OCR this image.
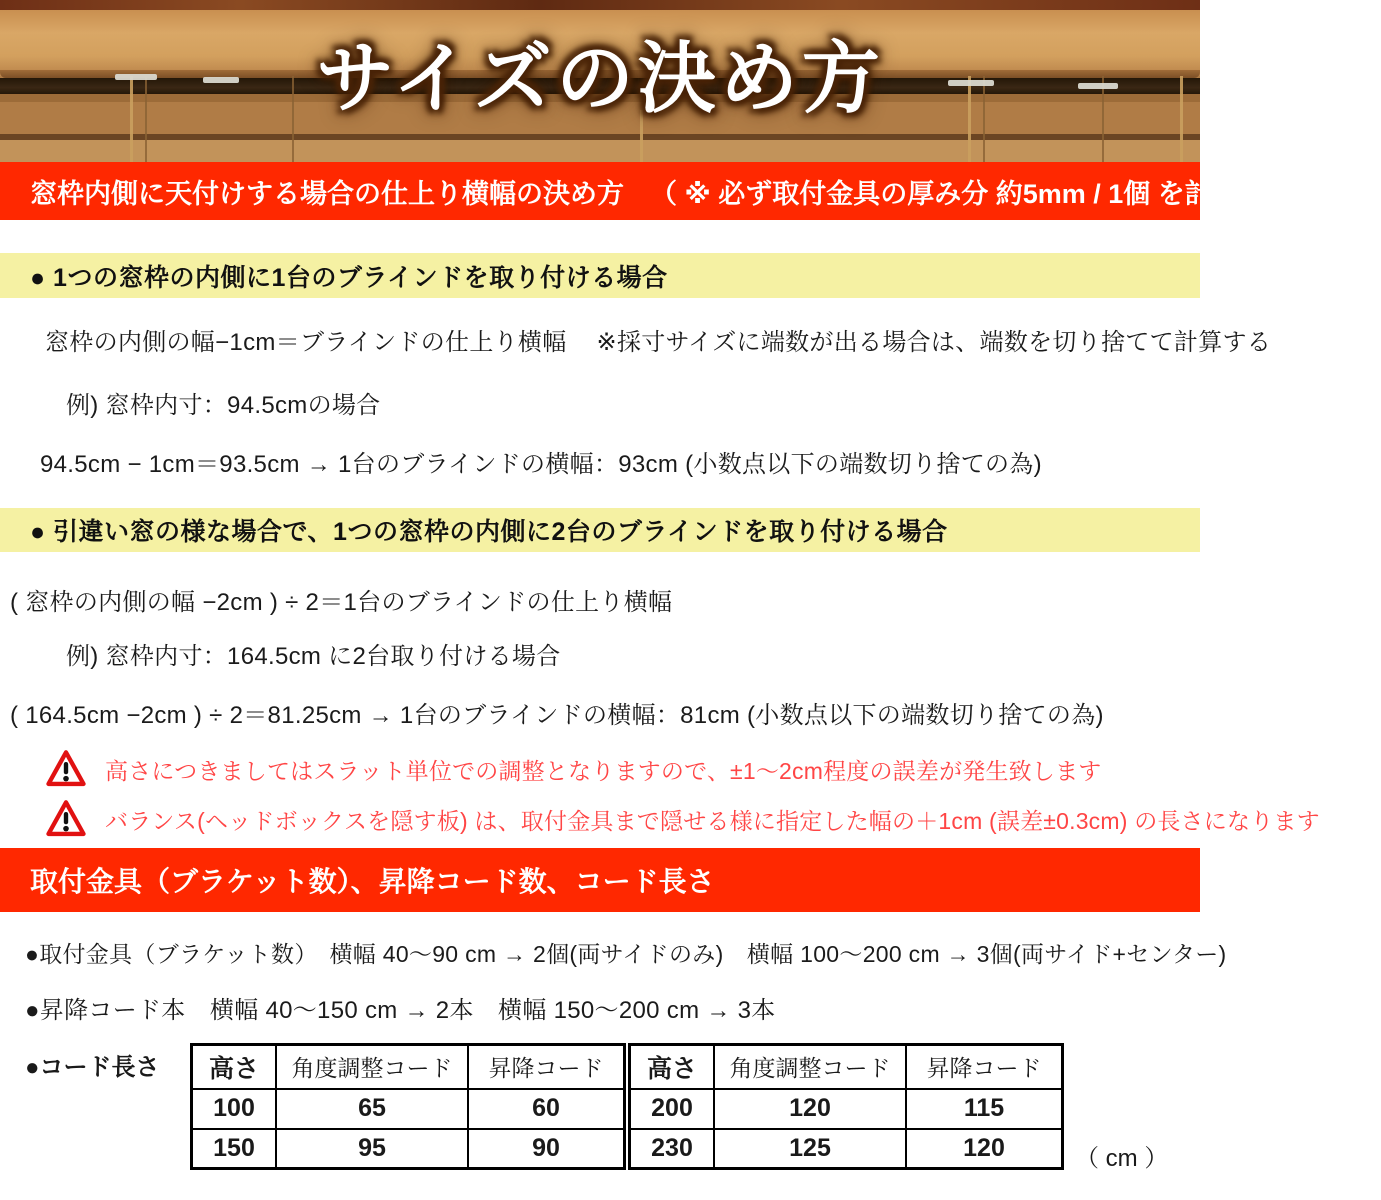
サイズの決め方
窓枠内側に天付けする場合の仕上り横幅の決め方 （ ※ 必ず取付金具の厚み分 約5mm / 1個 を計算に入れる ）
● 1つの窓枠の内側に1台のブラインドを取り付ける場合
窓枠の内側の幅−1cm＝ブラインドの仕上り横幅 ※採寸サイズに端数が出る場合は、端数を切り捨てて計算する
例) 窓枠内寸：94.5cmの場合
94.5cm − 1cm＝93.5cm → 1台のブラインドの横幅：93cm (小数点以下の端数切り捨ての為)
● 引違い窓の様な場合で、1つの窓枠の内側に2台のブラインドを取り付ける場合
( 窓枠の内側の幅 −2cm ) ÷ 2＝1台のブラインドの仕上り横幅
例) 窓枠内寸：164.5cm に2台取り付ける場合
( 164.5cm −2cm ) ÷ 2＝81.25cm → 1台のブラインドの横幅：81cm (小数点以下の端数切り捨ての為)
高さにつきましてはスラット単位での調整となりますので、±1〜2cm程度の誤差が発生致します
バランス(ヘッドボックスを隠す板) は、取付金具まで隠せる様に指定した幅の＋1cm (誤差±0.3cm) の長さになります
取付金具（ブラケット数）、昇降コード数、コード長さ
●取付金具（ブラケット数）　横幅 40〜90 cm → 2個(両サイドのみ)　横幅 100〜200 cm → 3個(両サイド+センター)
●昇降コード本　横幅 40〜150 cm → 2本　横幅 150〜200 cm → 3本
●コード長さ 高さ	角度調整コード	昇降コード
100	65	60
150	95	90
高さ	角度調整コード	昇降コード
200	120	115
230	125	120	（ cm ）
